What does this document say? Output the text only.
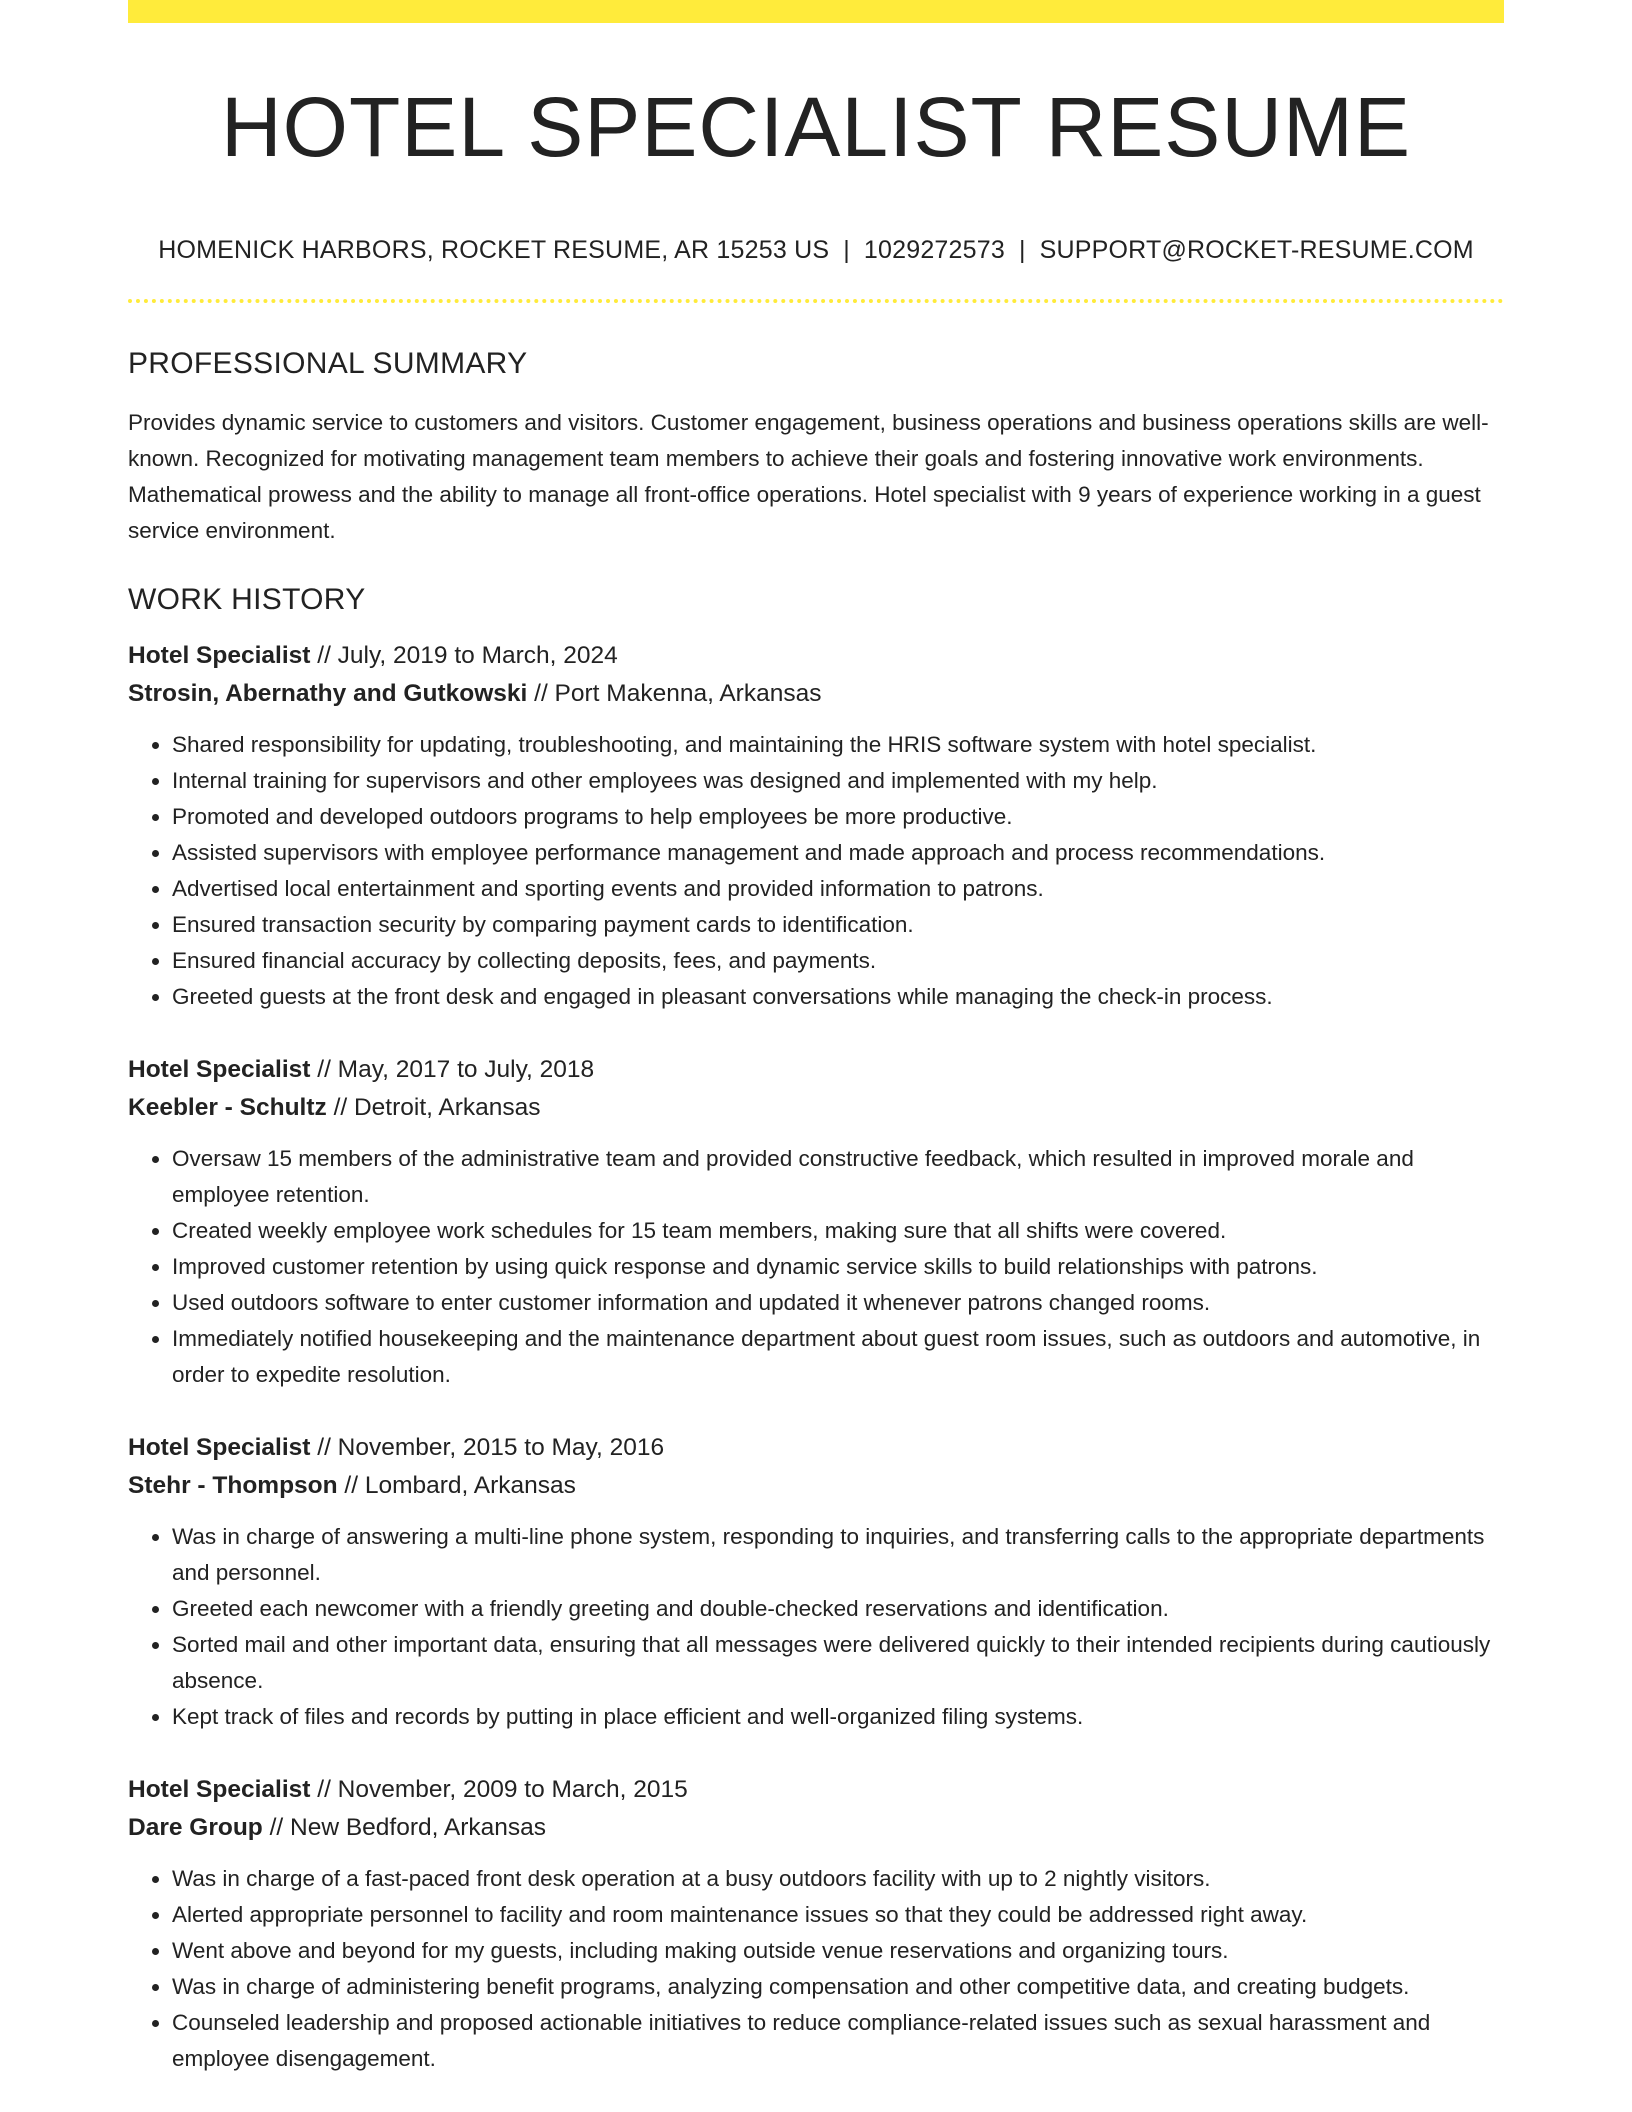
HOTEL SPECIALIST RESUME
HOMENICK HARBORS, ROCKET RESUME, AR 15253 US | 1029272573 | SUPPORT@ROCKET-RESUME.COM
PROFESSIONAL SUMMARY

Provides dynamic service to customers and visitors. Customer engagement, business operations and business operations skills are well-known. Recognized for motivating management team members to achieve their goals and fostering innovative work environments. Mathematical prowess and the ability to manage all front-office operations. Hotel specialist with 9 years of experience working in a guest service environment.

WORK HISTORY
Hotel Specialist // July, 2019 to March, 2024
Strosin, Abernathy and Gutkowski // Port Makenna, Arkansas
• Shared responsibility for updating, troubleshooting, and maintaining the HRIS software system with hotel specialist.
• Internal training for supervisors and other employees was designed and implemented with my help.
• Promoted and developed outdoors programs to help employees be more productive.
• Assisted supervisors with employee performance management and made approach and process recommendations.
• Advertised local entertainment and sporting events and provided information to patrons.
• Ensured transaction security by comparing payment cards to identification.
• Ensured financial accuracy by collecting deposits, fees, and payments.
• Greeted guests at the front desk and engaged in pleasant conversations while managing the check-in process.
Hotel Specialist // May, 2017 to July, 2018
Keebler - Schultz // Detroit, Arkansas
• Oversaw 15 members of the administrative team and provided constructive feedback, which resulted in improved morale and employee retention.
• Created weekly employee work schedules for 15 team members, making sure that all shifts were covered.
• Improved customer retention by using quick response and dynamic service skills to build relationships with patrons.
• Used outdoors software to enter customer information and updated it whenever patrons changed rooms.
• Immediately notified housekeeping and the maintenance department about guest room issues, such as outdoors and automotive, in order to expedite resolution.
Hotel Specialist // November, 2015 to May, 2016
Stehr - Thompson // Lombard, Arkansas
• Was in charge of answering a multi-line phone system, responding to inquiries, and transferring calls to the appropriate departments and personnel.
• Greeted each newcomer with a friendly greeting and double-checked reservations and identification.
• Sorted mail and other important data, ensuring that all messages were delivered quickly to their intended recipients during cautiously absence.
• Kept track of files and records by putting in place efficient and well-organized filing systems.
Hotel Specialist // November, 2009 to March, 2015
Dare Group // New Bedford, Arkansas
• Was in charge of a fast-paced front desk operation at a busy outdoors facility with up to 2 nightly visitors.
• Alerted appropriate personnel to facility and room maintenance issues so that they could be addressed right away.
• Went above and beyond for my guests, including making outside venue reservations and organizing tours.
• Was in charge of administering benefit programs, analyzing compensation and other competitive data, and creating budgets.
• Counseled leadership and proposed actionable initiatives to reduce compliance-related issues such as sexual harassment and employee disengagement.
